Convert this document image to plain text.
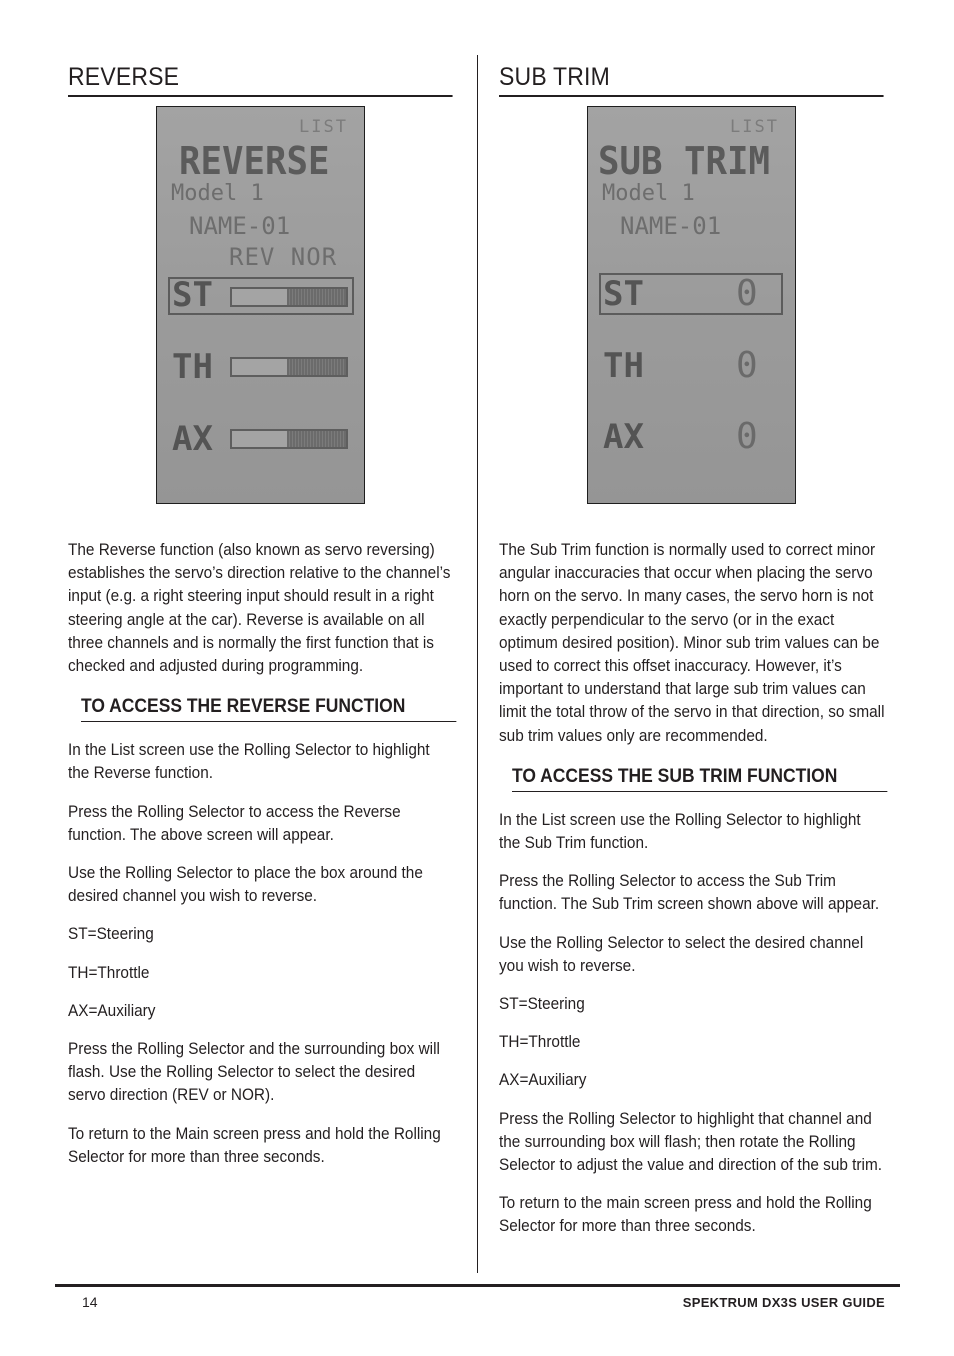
REVERSE
LIST
REVERSE
Model 1
NAME-01
REV NOR
ST
TH
AX

The Reverse function (also known as servo reversing) establishes the servo’s direction relative to the channel’s input (e.g. a right steering input should result in a right steering angle at the car). Reverse is available on all three channels and is normally the first function that is checked and adjusted during programming.

TO ACCESS THE REVERSE FUNCTION

In the List screen use the Rolling Selector to highlight the Reverse function.

Press the Rolling Selector to access the Reverse function. The above screen will appear.

Use the Rolling Selector to place the box around the desired channel you wish to reverse.

ST=Steering

TH=Throttle

AX=Auxiliary

Press the Rolling Selector and the surrounding box will flash. Use the Rolling Selector to select the desired servo direction (REV or NOR).

To return to the Main screen press and hold the Rolling Selector for more than three seconds.

SUB TRIM
LIST
SUB TRIM
Model 1
NAME-01
ST	0
TH	0
AX	0

The Sub Trim function is normally used to correct minor angular inaccuracies that occur when placing the servo horn on the servo. In many cases, the servo horn is not exactly perpendicular to the servo (or in the exact optimum desired position). Minor sub trim values can be used to correct this offset inaccuracy. However, it’s important to understand that large sub trim values can limit the total throw of the servo in that direction, so small sub trim values only are recommended.

TO ACCESS THE SUB TRIM FUNCTION

In the List screen use the Rolling Selector to highlight the Sub Trim function.

Press the Rolling Selector to access the Sub Trim function. The Sub Trim screen shown above will appear.

Use the Rolling Selector to select the desired channel you wish to reverse.

ST=Steering

TH=Throttle

AX=Auxiliary

Press the Rolling Selector to highlight that channel and the surrounding box will flash; then rotate the Rolling Selector to adjust the value and direction of the sub trim.

To return to the main screen press and hold the Rolling Selector for more than three seconds.

14	SPEKTRUM DX3S USER GUIDE
